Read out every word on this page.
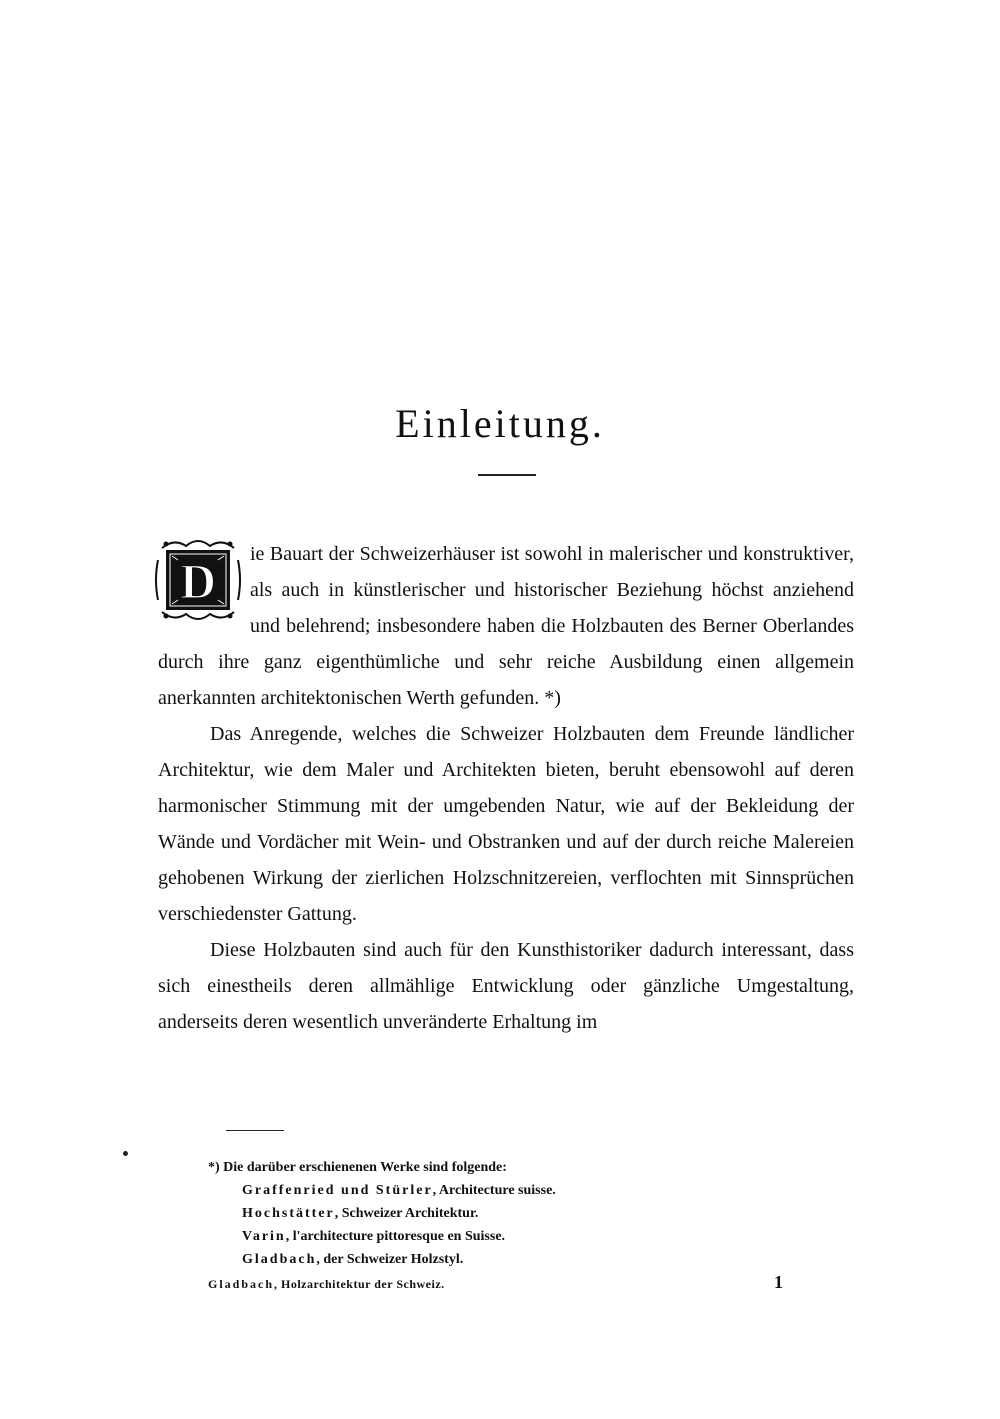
Einleitung.

D ie Bauart der Schweizerhäuser ist sowohl in malerischer und konstruktiver, als auch in künstlerischer und historischer Beziehung höchst anziehend und belehrend; insbesondere haben die Holzbauten des Berner Oberlandes durch ihre ganz eigenthümliche und sehr reiche Ausbildung einen allgemein anerkannten architektonischen Werth gefunden. *)

Das Anregende, welches die Schweizer Holzbauten dem Freunde ländlicher Architektur, wie dem Maler und Architekten bieten, beruht ebensowohl auf deren harmonischer Stimmung mit der umgebenden Natur, wie auf der Bekleidung der Wände und Vordächer mit Wein- und Obstranken und auf der durch reiche Malereien gehobenen Wirkung der zierlichen Holzschnitzereien, verflochten mit Sinnsprüchen verschiedenster Gattung.

Diese Holzbauten sind auch für den Kunsthistoriker dadurch interessant, dass sich einestheils deren allmählige Entwicklung oder gänzliche Umgestaltung, anderseits deren wesentlich unveränderte Erhaltung im

*) Die darüber erschienenen Werke sind folgende:

Graffenried und Stürler, Architecture suisse.

Hochstätter, Schweizer Architektur.

Varin, l'architecture pittoresque en Suisse.

Gladbach, der Schweizer Holzstyl.

Gladbach, Holzarchitektur der Schweiz.	1
